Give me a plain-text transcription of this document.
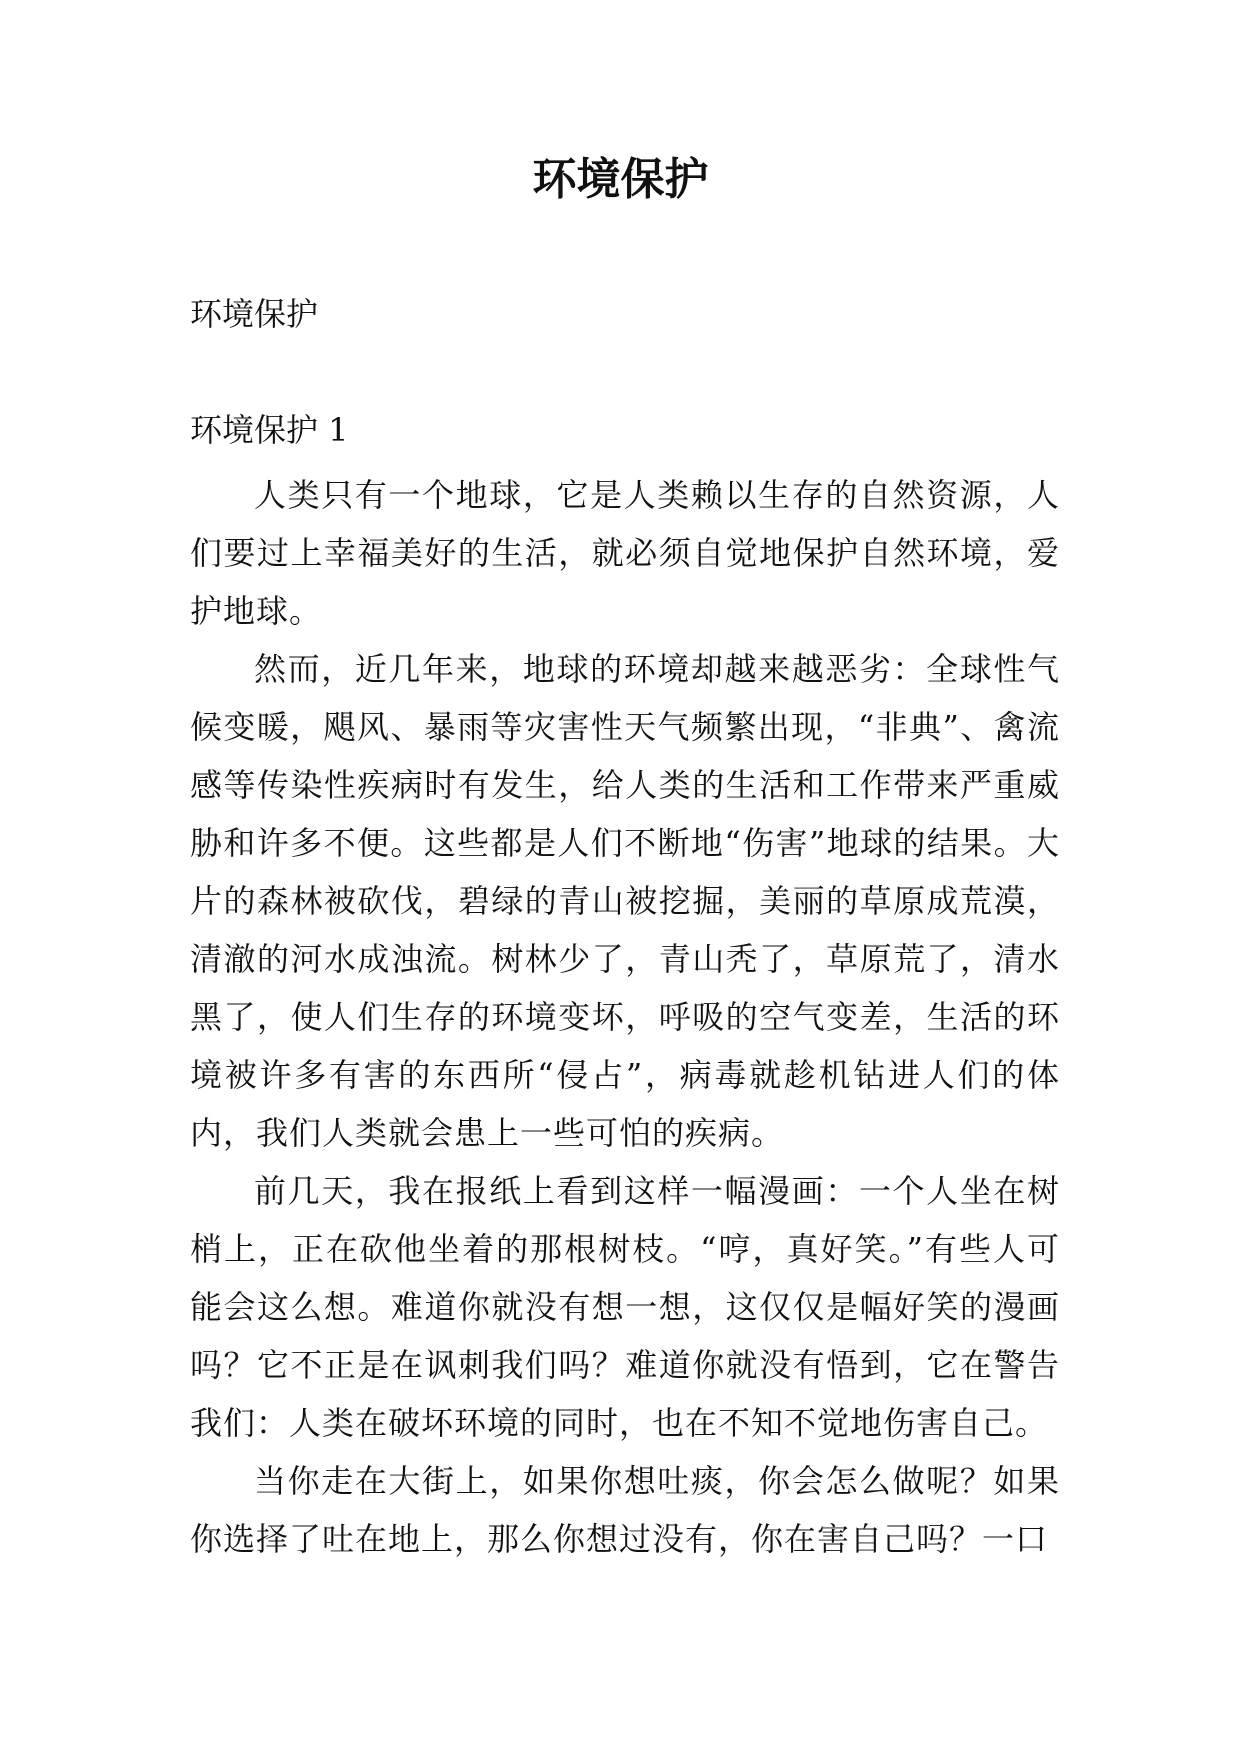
环境保护

环境保护

环境保护 1

人类只有一个地球，它是人类赖以生存的自然资源，人们要过上幸福美好的生活，就必须自觉地保护自然环境，爱护地球。

然而，近几年来，地球的环境却越来越恶劣：全球性气候变暖，飓风、暴雨等灾害性天气频繁出现，“非典”、禽流感等传染性疾病时有发生，给人类的生活和工作带来严重威胁和许多不便。这些都是人们不断地“伤害”地球的结果。大片的森林被砍伐，碧绿的青山被挖掘，美丽的草原成荒漠，清澈的河水成浊流。树林少了，青山秃了，草原荒了，清水黑了，使人们生存的环境变坏，呼吸的空气变差，生活的环境被许多有害的东西所“侵占”，病毒就趁机钻进人们的体内，我们人类就会患上一些可怕的疾病。

前几天，我在报纸上看到这样一幅漫画：一个人坐在树梢上，正在砍他坐着的那根树枝。“哼，真好笑。”有些人可能会这么想。难道你就没有想一想，这仅仅是幅好笑的漫画吗？它不正是在讽刺我们吗？难道你就没有悟到，它在警告我们：人类在破坏环境的同时，也在不知不觉地伤害自己。

当你走在大街上，如果你想吐痰，你会怎么做呢？如果你选择了吐在地上，那么你想过没有，你在害自己吗？一口
